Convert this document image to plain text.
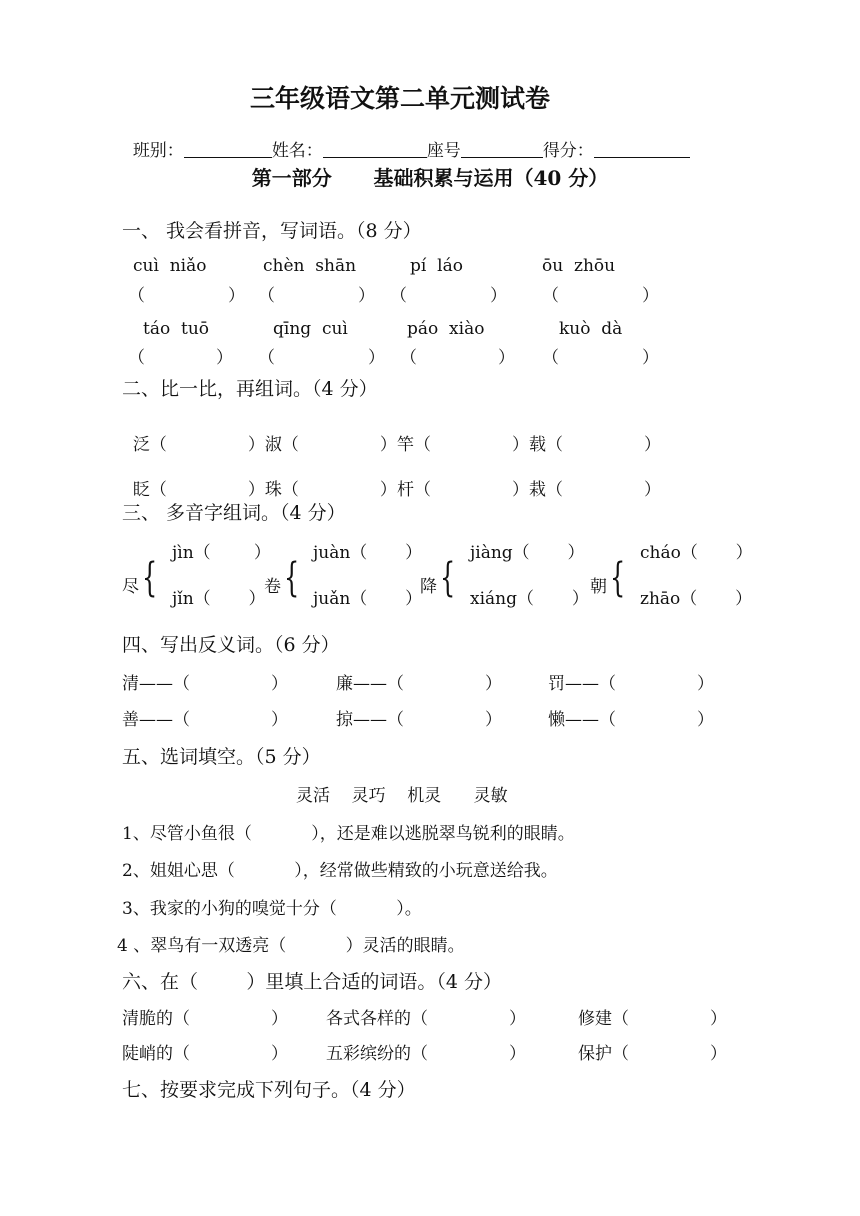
三年级语文第二单元测试卷

班别：	姓名：	座号	得分：

第一部分      基础积累与运用（40 分）
一、 我会看拼音，写词语。（8 分）
cuì  niǎo	chèn  shān	pí  láo	ōu  zhōu
（	） （	） （	） （	）
táo  tuō	qīng  cuì	páo  xiào	kuò  dà
（	） （	） （	） （	）
二、比一比，再组词。（4 分）

泛（               ）淑（               ）竿（               ）载（               ）

眨（               ）珠（               ）杆（               ）栽（               ）

三、 多音字组词。（4 分）
尽 {
jìn（        ）
jǐn（       ）
卷 {
juàn（       ）
juǎn（       ）
降 {
jiàng（       ）
xiáng（       ）
朝 {
cháo（       ）
zhāo（       ）
四、写出反义词。（6 分）
清——（               ）	廉——（               ）	罚——（               ）
善——（               ）	掠——（               ）	懒——（               ）
五、选词填空。（5 分）
灵活    灵巧    机灵      灵敏
1、尽管小鱼很（           ），还是难以逃脱翠鸟锐利的眼睛。
2、姐姐心思（           ），经常做些精致的小玩意送给我。
3、我家的小狗的嗅觉十分（           ）。
4 、翠鸟有一双透亮（           ）灵活的眼睛。
六、在（        ）里填上合适的词语。（4 分）
清脆的（               ） 各式各样的（               ）	修建（               ）
陡峭的（               ） 五彩缤纷的（               ）	保护（               ）
七、按要求完成下列句子。（4 分）
